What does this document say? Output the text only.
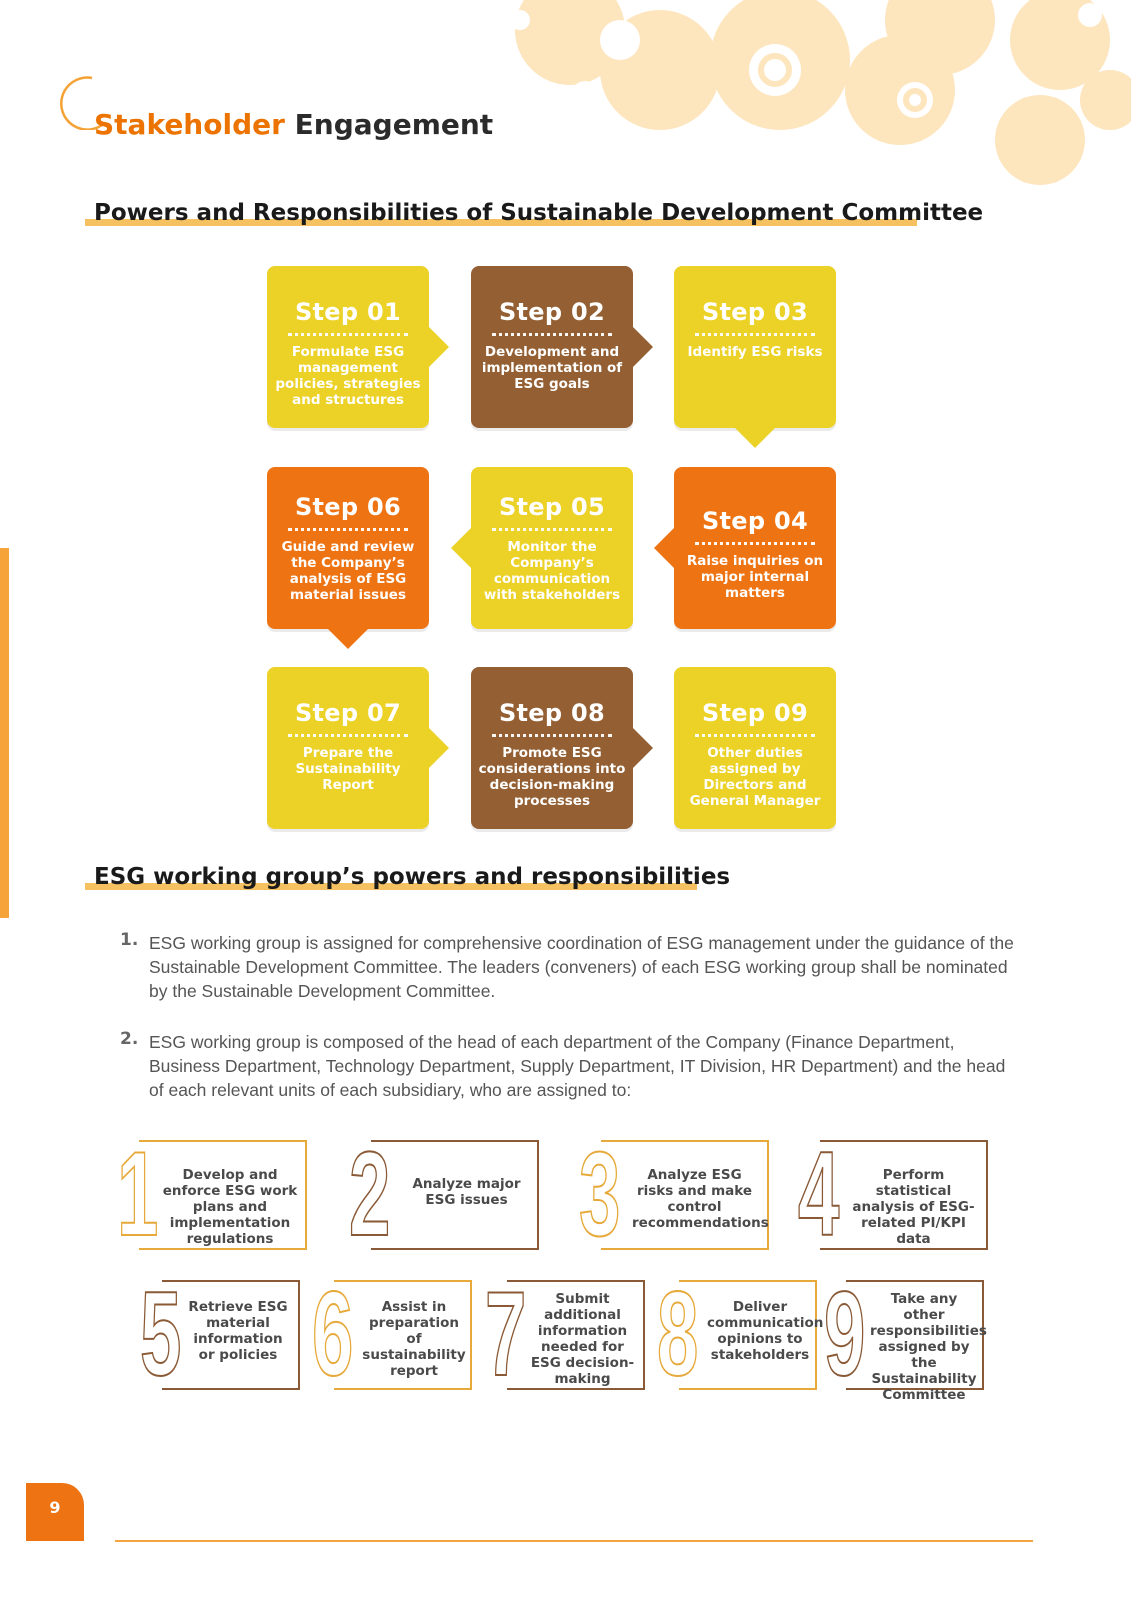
Stakeholder Engagement
Powers and Responsibilities of Sustainable Development Committee
Step 01
Formulate ESG management policies, strategies and structures
Step 02
Development and implementation of ESG goals
Step 03
Identify ESG risks
Step 06
Guide and review the Company’s analysis of ESG material issues
Step 05
Monitor the Company’s communication with stakeholders
Step 04
Raise inquiries on major internal matters
Step 07
Prepare the Sustainability Report
Step 08
Promote ESG considerations into decision-making processes
Step 09
Other duties assigned by Directors and General Manager
ESG working group’s powers and responsibilities
1. ESG working group is assigned for comprehensive coordination of ESG management under the guidance of the Sustainable Development Committee. The leaders (conveners) of each ESG working group shall be nominated by the Sustainable Development Committee.
2. ESG working group is composed of the head of each department of the Company (Finance Department, Business Department, Technology Department, Supply Department, IT Division, HR Department) and the head of each relevant units of each subsidiary, who are assigned to:
1	Develop and enforce ESG work plans and implementation regulations 2	Analyze major ESG issues 3	Analyze ESG risks and make control recommendations 4	Perform statistical analysis of ESG-related PI/KPI data
5 Retrieve ESG material information or policies 6	Assist in preparation of sustainability report 7	Submit additional information needed for ESG decision-making 8	Deliver communication opinions to stakeholders 9	Take any other responsibilities assigned by the Sustainability Committee
9
